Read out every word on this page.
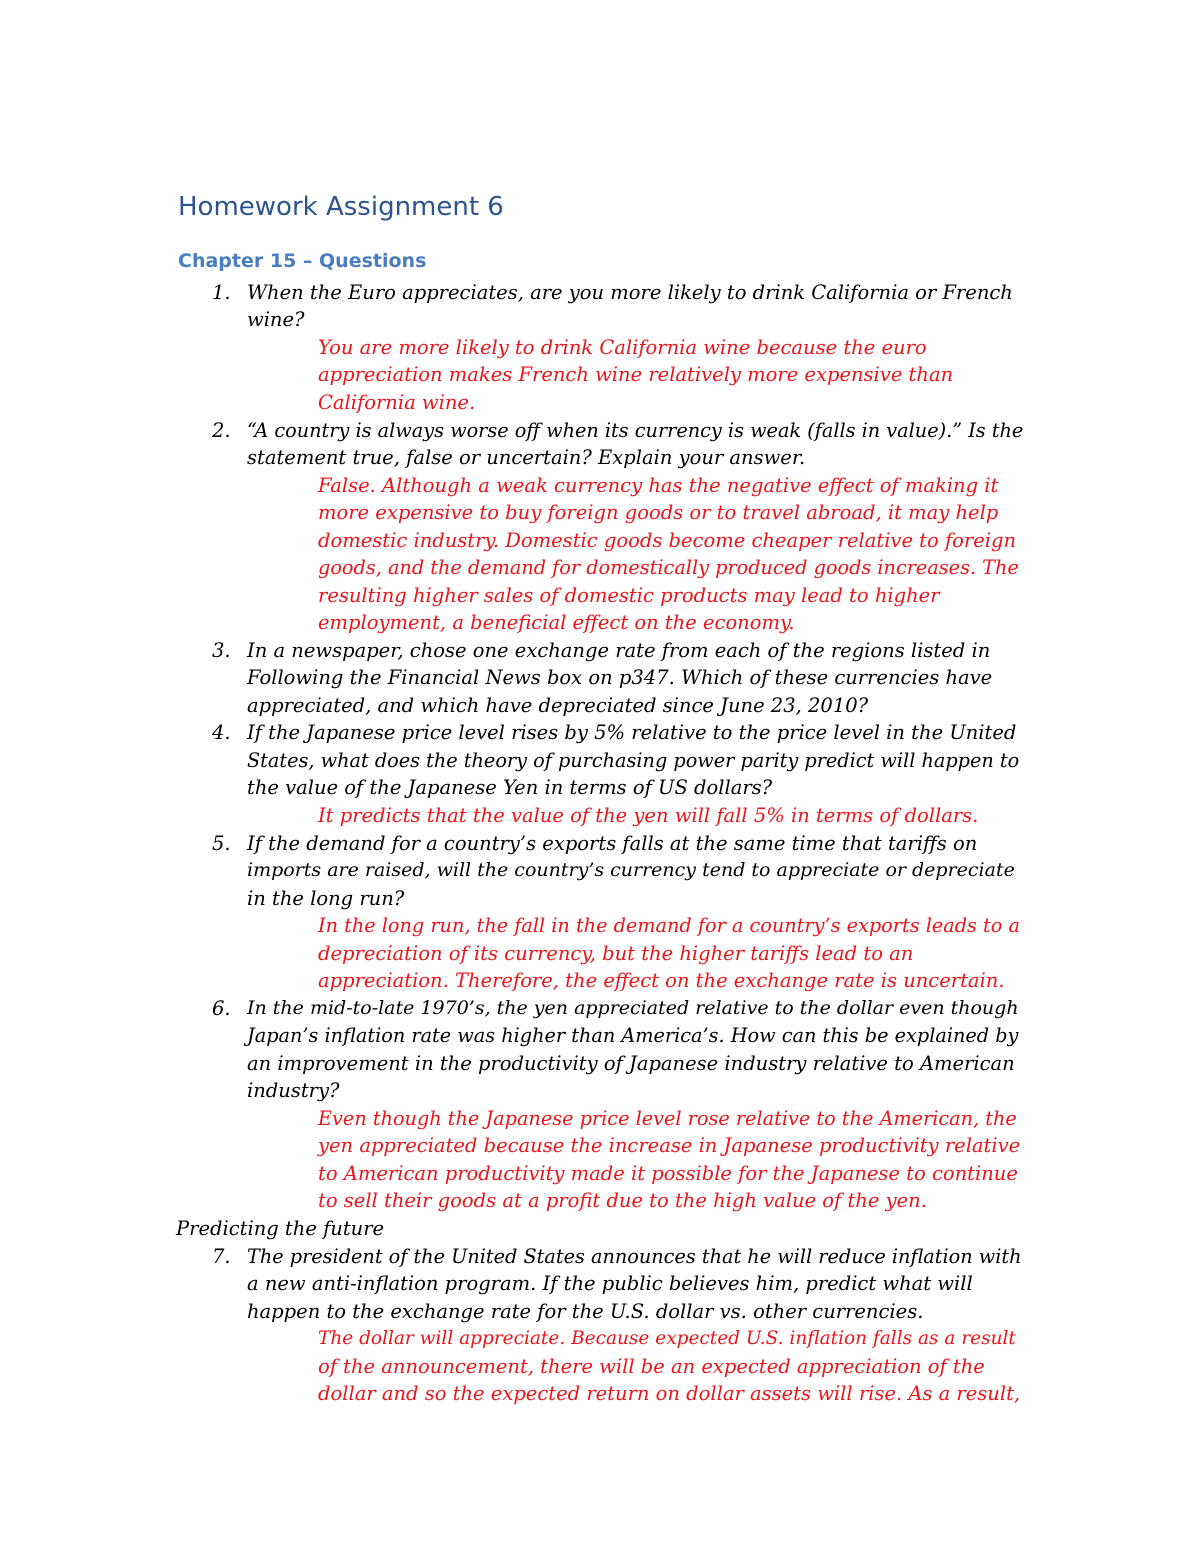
Homework Assignment 6
Chapter 15 – Questions
1. When the Euro appreciates, are you more likely to drink California or French

wine?

You are more likely to drink California wine because the euro

appreciation makes French wine relatively more expensive than

California wine.

2. “A country is always worse off when its currency is weak (falls in value).” Is the

statement true, false or uncertain? Explain your answer.

False. Although a weak currency has the negative effect of making it

more expensive to buy foreign goods or to travel abroad, it may help

domestic industry. Domestic goods become cheaper relative to foreign

goods, and the demand for domestically produced goods increases. The

resulting higher sales of domestic products may lead to higher

employment, a beneficial effect on the economy.

3. In a newspaper, chose one exchange rate from each of the regions listed in

Following the Financial News box on p347. Which of these currencies have

appreciated, and which have depreciated since June 23, 2010?

4. If the Japanese price level rises by 5% relative to the price level in the United

States, what does the theory of purchasing power parity predict will happen to

the value of the Japanese Yen in terms of US dollars?

It predicts that the value of the yen will fall 5% in terms of dollars.

5. If the demand for a country’s exports falls at the same time that tariffs on

imports are raised, will the country’s currency tend to appreciate or depreciate

in the long run?

In the long run, the fall in the demand for a country’s exports leads to a

depreciation of its currency, but the higher tariffs lead to an

appreciation. Therefore, the effect on the exchange rate is uncertain.

6. In the mid-to-late 1970’s, the yen appreciated relative to the dollar even though

Japan’s inflation rate was higher than America’s. How can this be explained by

an improvement in the productivity of Japanese industry relative to American

industry?

Even though the Japanese price level rose relative to the American, the

yen appreciated because the increase in Japanese productivity relative

to American productivity made it possible for the Japanese to continue

to sell their goods at a profit due to the high value of the yen.

Predicting the future

7. The president of the United States announces that he will reduce inflation with

a new anti-inflation program. If the public believes him, predict what will

happen to the exchange rate for the U.S. dollar vs. other currencies.

The dollar will appreciate. Because expected U.S. inflation falls as a result

of the announcement, there will be an expected appreciation of the

dollar and so the expected return on dollar assets will rise. As a result,
